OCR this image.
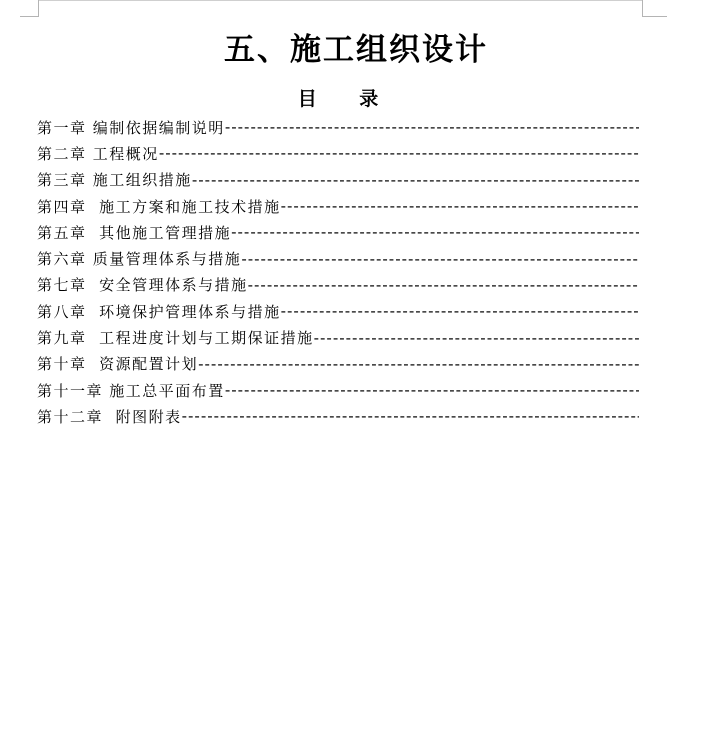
五、施工组织设计
目 录
第一章 编制依据编制说明
-----
第二章 工程概况
-----
第三章 施工组织措施
-----
第四章 施工方案和施工技术措施
-----
第五章 其他施工管理措施
-----
第六章 质量管理体系与措施
-----
第七章 安全管理体系与措施
-----
第八章 环境保护管理体系与措施
-----
第九章 工程进度计划与工期保证措施
-----
第十章 资源配置计划
-----
第十一章 施工总平面布置
-----
第十二章 附图附表
-----
